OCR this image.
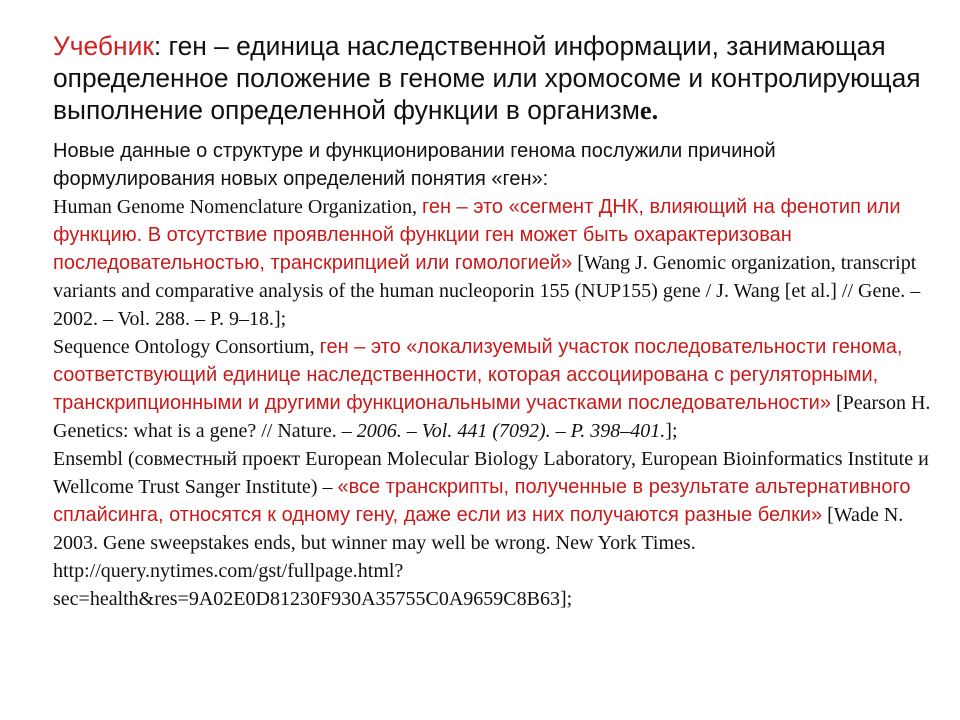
Учебник: ген – единица наследственной информации, занимающая определенное положение в геноме или хромосоме и контролирующая выполнение определенной функции в организме.

Новые данные о структуре и функционировании генома послужили причиной формулирования новых определений понятия «ген»:

Human Genome Nomenclature Organization, ген – это «сегмент ДНК, влияющий на фенотип или функцию. В отсутствие проявленной функции ген может быть охарактеризован последовательностью, транскрипцией или гомологией» [Wang J. Genomic organization, transcript variants and comparative analysis of the human nucleoporin 155 (NUP155) gene / J. Wang [et al.] // Gene. – 2002. – Vol. 288. – P. 9–18.];

Sequence Ontology Consortium, ген – это «локализуемый участок последовательности генома, соответствующий единице наследственности, которая ассоциирована с регуляторными, транскрипционными и другими функциональными участками последовательности» [Pearson H. Genetics: what is a gene? // Nature. – 2006. – Vol. 441 (7092). – P. 398–401.];

Ensembl (совместный проект European Molecular Biology Laboratory, European Bioinformatics Institute и Wellcome Trust Sanger Institute) – «все транскрипты, полученные в результате альтернативного сплайсинга, относятся к одному гену, даже если из них получаются разные белки» [Wade N. 2003. Gene sweepstakes ends, but winner may well be wrong. New York Times.
http://query.nytimes.com/gst/fullpage.html?
sec=health&res=9A02E0D81230F930A35755C0A9659C8B63];
